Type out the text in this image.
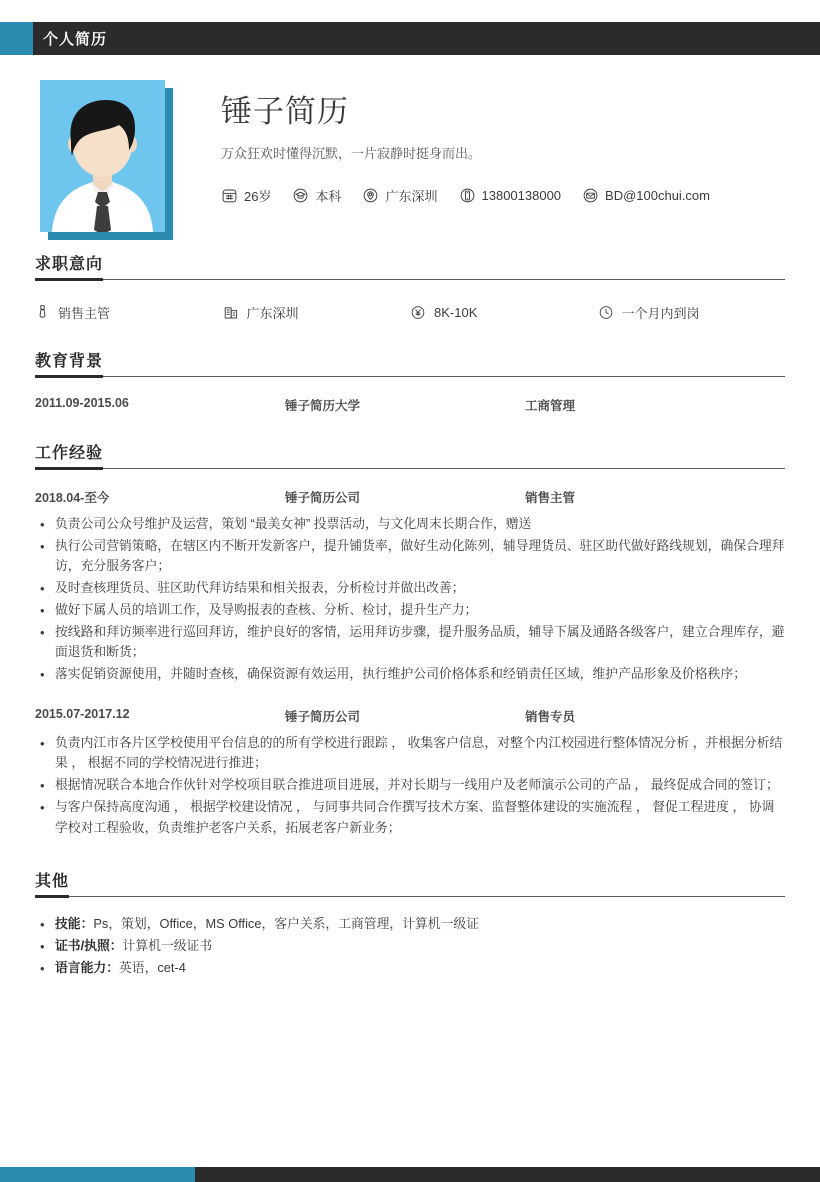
个人简历
锤子简历
万众狂欢时懂得沉默，一片寂静时挺身而出。
26岁	本科	广东深圳	13800138000	BD@100chui.com
求职意向
销售主管	广东深圳	8K-10K	一个月内到岗
教育背景
2011.09-2015.06	锤子简历大学	工商管理
工作经验
2018.04-至今	锤子简历公司	销售主管
• 负责公司公众号维护及运营，策划 “最美女神” 投票活动，与文化周末长期合作，赠送
• 执行公司营销策略，在辖区内不断开发新客户，提升铺货率，做好生动化陈列，辅导理货员、驻区助代做好路线规划，确保合理拜访，充分服务客户；
• 及时查核理货员、驻区助代拜访结果和相关报表，分析检讨并做出改善；
• 做好下属人员的培训工作，及导购报表的查核、分析、检讨，提升生产力；
• 按线路和拜访频率进行巡回拜访，维护良好的客情，运用拜访步骤，提升服务品质，辅导下属及通路各级客户，建立合理库存，避面退货和断货；
• 落实促销资源使用，并随时查核，确保资源有效运用，执行维护公司价格体系和经销责任区域，维护产品形象及价格秩序；
2015.07-2017.12	锤子简历公司	销售专员
• 负责内江市各片区学校使用平台信息的的所有学校进行跟踪 ， 收集客户信息，对整个内江校园进行整体情况分析 ，并根据分析结果 ， 根据不同的学校情况进行推进；
• 根据情况联合本地合作伙针对学校项目联合推进项目进展，并对长期与一线用户及老师演示公司的产品 ， 最终促成合同的签订；
• 与客户保持高度沟通 ， 根据学校建设情况 ， 与同事共同合作撰写技术方案、监督整体建设的实施流程 ， 督促工程进度 ， 协调学校对工程验收，负责维护老客户关系，拓展老客户新业务；
其他
• 技能：Ps，策划，Office，MS Office，客户关系，工商管理，计算机一级证
• 证书/执照：计算机一级证书
• 语言能力：英语，cet-4
